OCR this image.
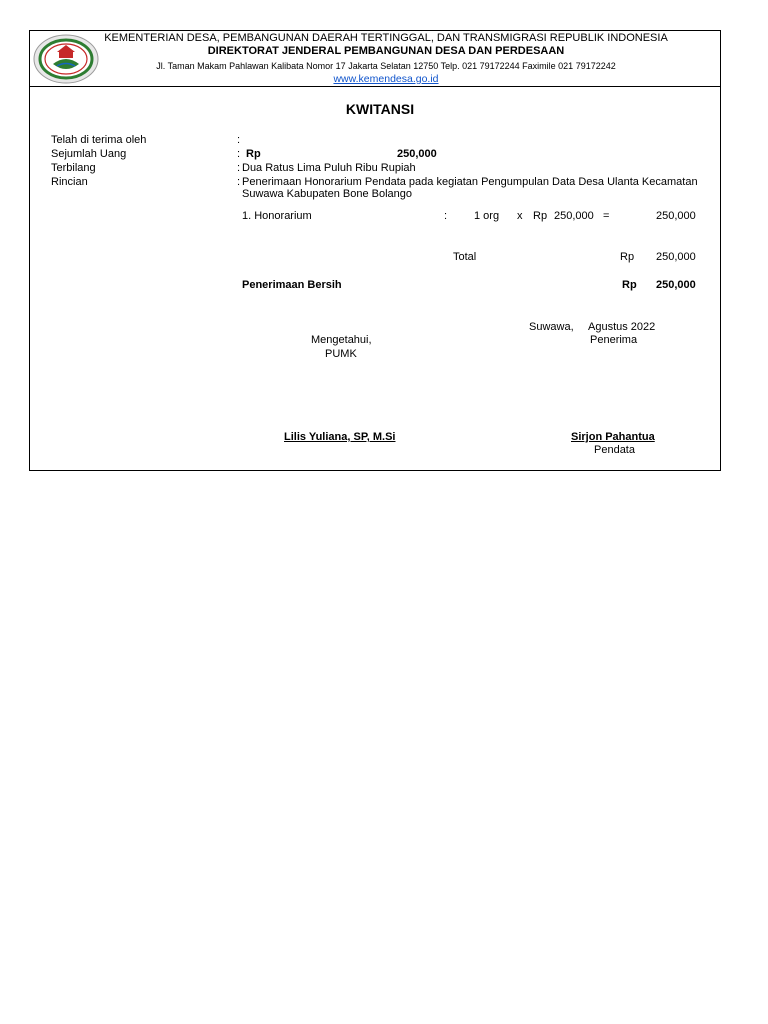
KEMENTERIAN DESA, PEMBANGUNAN DAERAH TERTINGGAL, DAN TRANSMIGRASI REPUBLIK INDONESIA
DIREKTORAT JENDERAL PEMBANGUNAN DESA DAN PERDESAAN
Jl. Taman Makam Pahlawan Kalibata Nomor 17 Jakarta Selatan 12750 Telp. 021 79172244 Faximile 021 79172242
www.kemendesa.go.id
KWITANSI
Telah di terima oleh	:
Sejumlah Uang	: Rp	250,000
Terbilang	: Dua Ratus Lima Puluh Ribu Rupiah
Rincian	: Penerimaan Honorarium Pendata pada kegiatan Pengumpulan Data Desa Ulanta Kecamatan
Suwawa Kabupaten Bone Bolango
1. Honorarium	: 1 org x Rp 250,000 =	250,000
Total	Rp 250,000
Penerimaan Bersih	Rp 250,000
Suwawa, Agustus 2022
Mengetahui,
PUMK
Lilis Yuliana, SP, M.Si
Penerima
Sirjon Pahantua
Pendata
